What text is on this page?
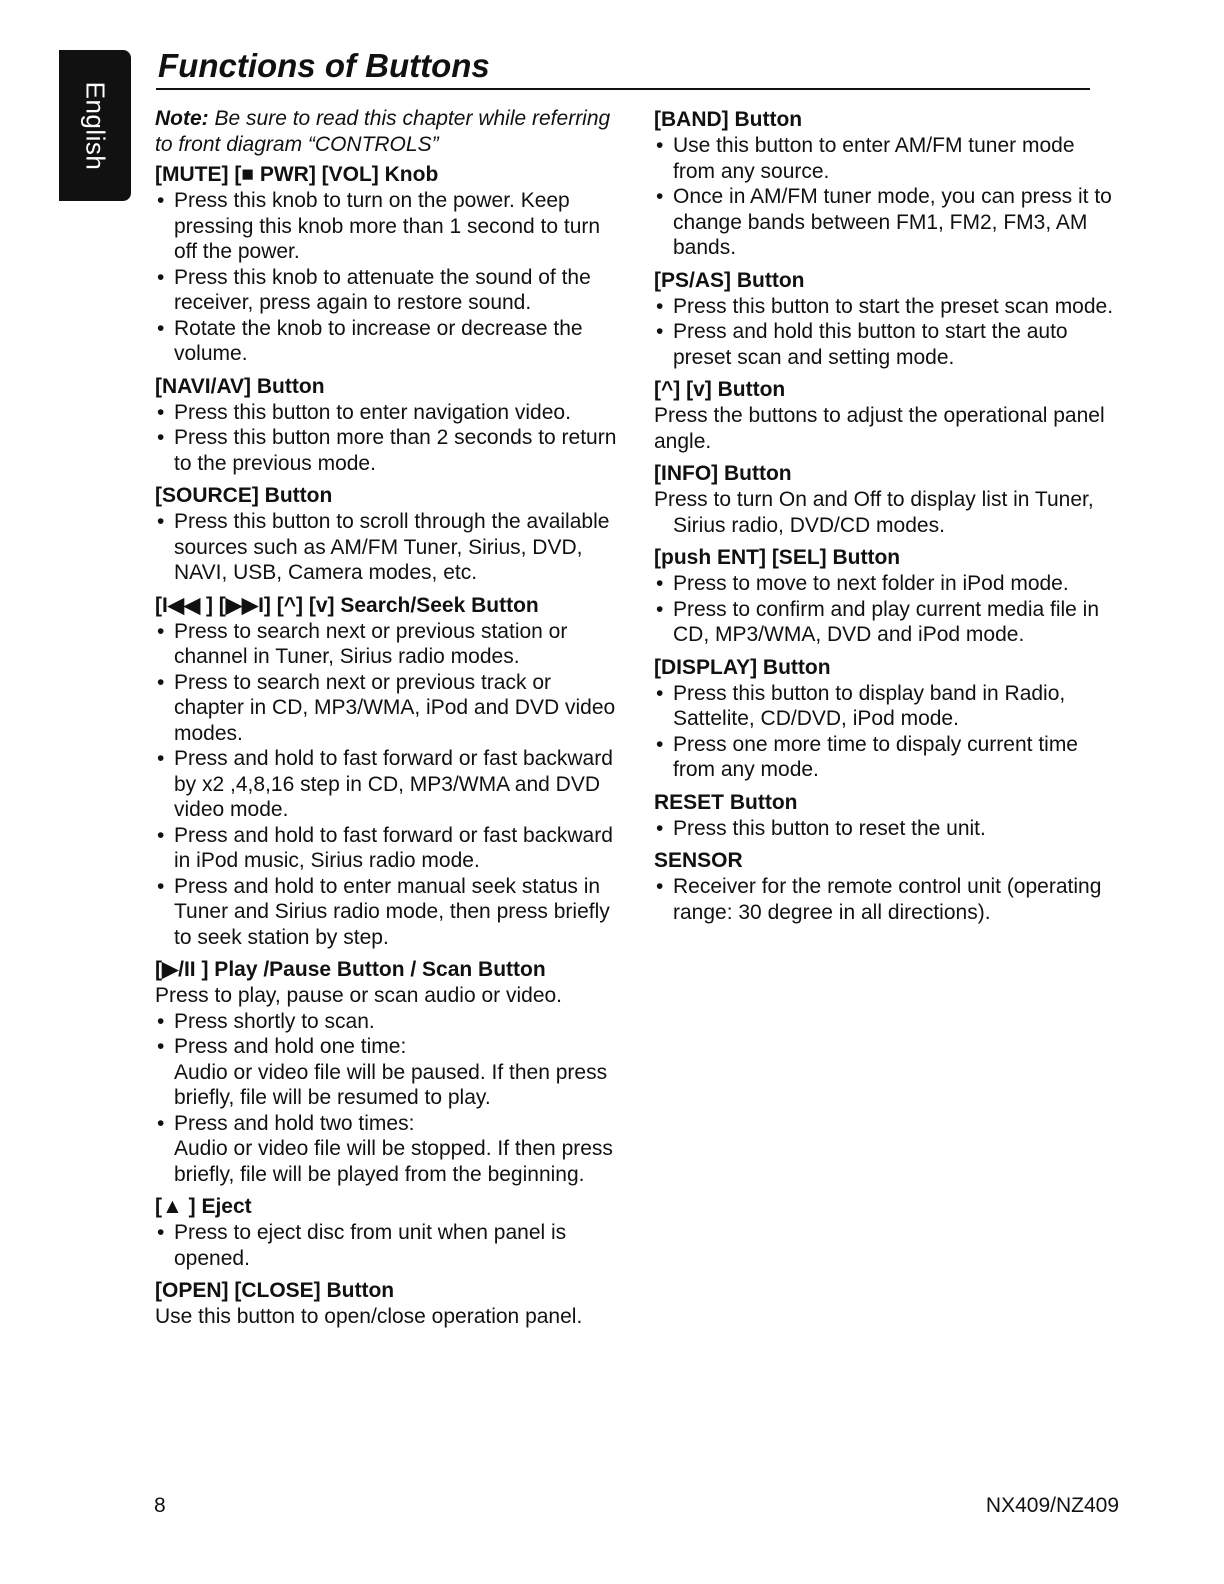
English
Functions of Buttons

Note: Be sure to read this chapter while referring to front diagram “CONTROLS”

[MUTE] [■ PWR] [VOL] Knob
• Press this knob to turn on the power. Keep pressing this knob more than 1 second to turn off the power.
• Press this knob to attenuate the sound of the receiver, press again to restore sound.
• Rotate the knob to increase or decrease the volume.
[NAVI/AV] Button
• Press this button to enter navigation video.
• Press this button more than 2 seconds to return to the previous mode.
[SOURCE] Button
• Press this button to scroll through the available sources such as AM/FM Tuner, Sirius, DVD, NAVI, USB, Camera modes, etc.
[I◀◀ ] [▶▶I] [^] [v] Search/Seek Button
• Press to search next or previous station or channel in Tuner, Sirius radio modes.
• Press to search next or previous track or chapter in CD, MP3/WMA, iPod and DVD video modes.
• Press and hold to fast forward or fast backward by x2 ,4,8,16 step in CD, MP3/WMA and DVD video mode.
• Press and hold to fast forward or fast backward in iPod music, Sirius radio mode.
• Press and hold to enter manual seek status in Tuner and Sirius radio mode, then press briefly to seek station by step.
[▶/II ] Play /Pause Button / Scan Button

Press to play, pause or scan audio or video.

• Press shortly to scan.
• Press and hold one time:
Audio or video file will be paused. If then press briefly, file will be resumed to play.
• Press and hold two times:
Audio or video file will be stopped. If then press briefly, file will be played from the beginning.
[▲ ] Eject
• Press to eject disc from unit when panel is opened.
[OPEN] [CLOSE] Button

Use this button to open/close operation panel.

[BAND] Button
• Use this button to enter AM/FM tuner mode from any source.
• Once in AM/FM tuner mode, you can press it to change bands between FM1, FM2, FM3, AM bands.
[PS/AS] Button
• Press this button to start the preset scan mode.
• Press and hold this button to start the auto preset scan and setting mode.
[^] [v] Button

Press the buttons to adjust the operational panel angle.

[INFO] Button

Press to turn On and Off to display list in Tuner, Sirius radio, DVD/CD modes.

[push ENT] [SEL] Button
• Press to move to next folder in iPod mode.
• Press to confirm and play current media file in CD, MP3/WMA, DVD and iPod mode.
[DISPLAY] Button
• Press this button to display band in Radio, Sattelite, CD/DVD, iPod mode.
• Press one more time to dispaly current time from any mode.
RESET Button
• Press this button to reset the unit.
SENSOR
• Receiver for the remote control unit (operating range: 30 degree in all directions).
8	NX409/NZ409
